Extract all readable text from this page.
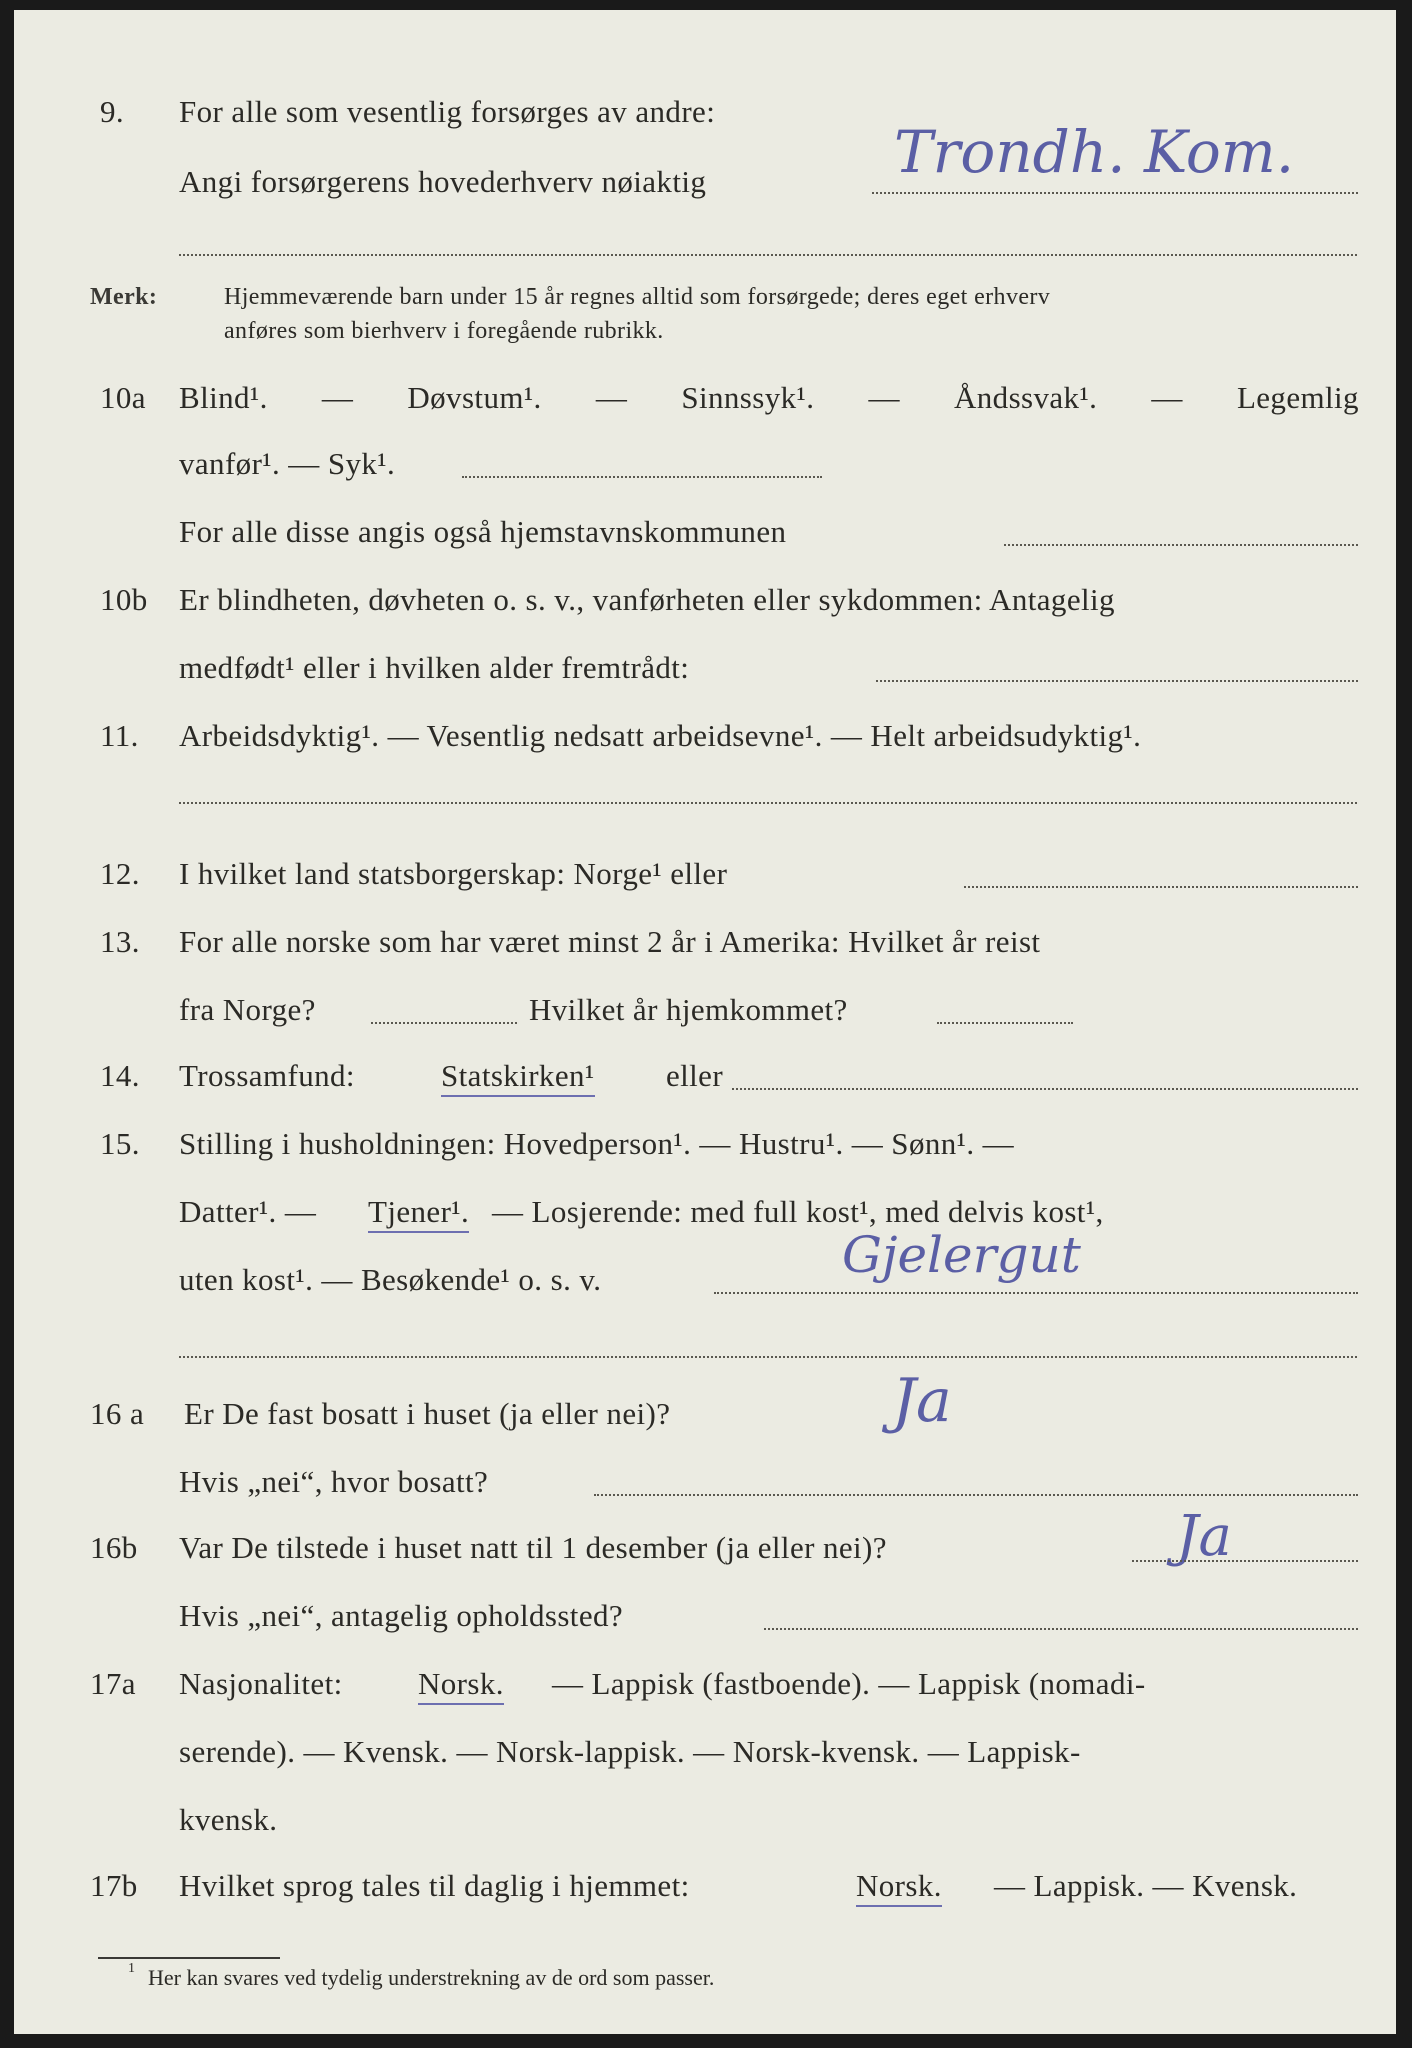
9. For alle som vesentlig forsørges av andre:
Trondh. Kom.
Angi forsørgerens hovederhverv nøiaktig
Merk:	Hjemmeværende barn under 15 år regnes alltid som forsørgede; deres eget erhverv
anføres som bierhverv i foregående rubrikk.
10a Blind¹. — Døvstum¹. — Sinnssyk¹. — Åndssvak¹. — Legemlig
vanfør¹. — Syk¹.
For alle disse angis også hjemstavnskommunen
10b Er blindheten, døvheten o. s. v., vanførheten eller sykdommen: Antagelig
medfødt¹ eller i hvilken alder fremtrådt:
11. Arbeidsdyktig¹. — Vesentlig nedsatt arbeidsevne¹. — Helt arbeidsudyktig¹.
12. I hvilket land statsborgerskap: Norge¹ eller
13. For alle norske som har været minst 2 år i Amerika: Hvilket år reist
fra Norge?	Hvilket år hjemkommet?
14. Trossamfund:	Statskirken¹ eller
15. Stilling i husholdningen: Hovedperson¹. — Hustru¹. — Sønn¹. —
Datter¹. — Tjener¹. — Losjerende: med full kost¹, med delvis kost¹,
uten kost¹. — Besøkende¹ o. s. v.	Gjelergut
16 a Er De fast bosatt i huset (ja eller nei)?	Ja
Hvis „nei“, hvor bosatt?
16b Var De tilstede i huset natt til 1 desember (ja eller nei)?	Ja
Hvis „nei“, antagelig opholdssted?
17a Nasjonalitet: Norsk. — Lappisk (fastboende). — Lappisk (nomadi-
serende). — Kvensk. — Norsk-lappisk. — Norsk-kvensk. — Lappisk-
kvensk.
17b Hvilket sprog tales til daglig i hjemmet:	Norsk. — Lappisk. — Kvensk.
1 Her kan svares ved tydelig understrekning av de ord som passer.
